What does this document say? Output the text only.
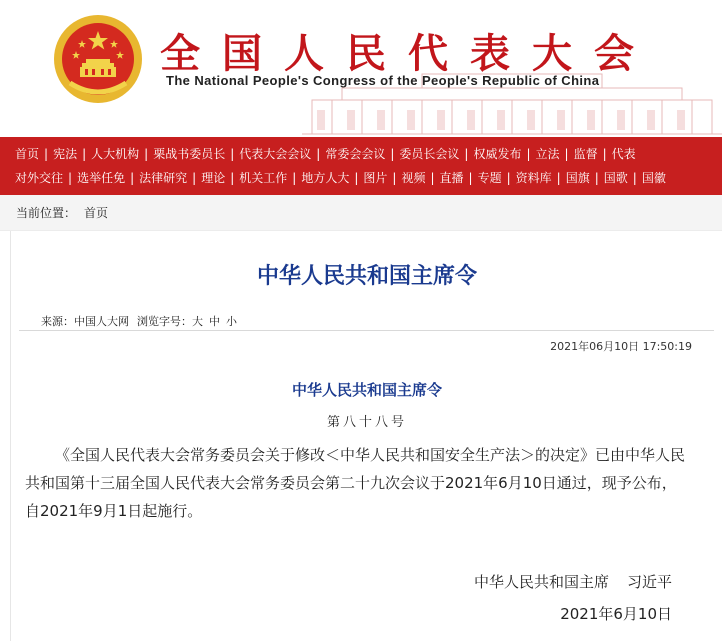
全国人民代表大会
The National People's Congress of the People's Republic of China
首页 | 宪法 | 人大机构 | 栗战书委员长 | 代表大会会议 | 常委会会议 | 委员长会议 | 权威发布 | 立法 | 监督 | 代表
对外交往 | 选举任免 | 法律研究 | 理论 | 机关工作 | 地方人大 | 图片 | 视频 | 直播 | 专题 | 资料库 | 国旗 | 国歌 | 国徽
当前位置： 首页
中华人民共和国主席令
来源： 中国人大网 浏览字号： 大 中 小
2021年06月10日 17:50:19
中华人民共和国主席令
第八十八号

《全国人民代表大会常务委员会关于修改＜中华人民共和国安全生产法＞的决定》已由中华人民共和国第十三届全国人民代表大会常务委员会第二十九次会议于2021年6月10日通过，现予公布，自2021年9月1日起施行。

中华人民共和国主席 习近平
2021年6月10日
